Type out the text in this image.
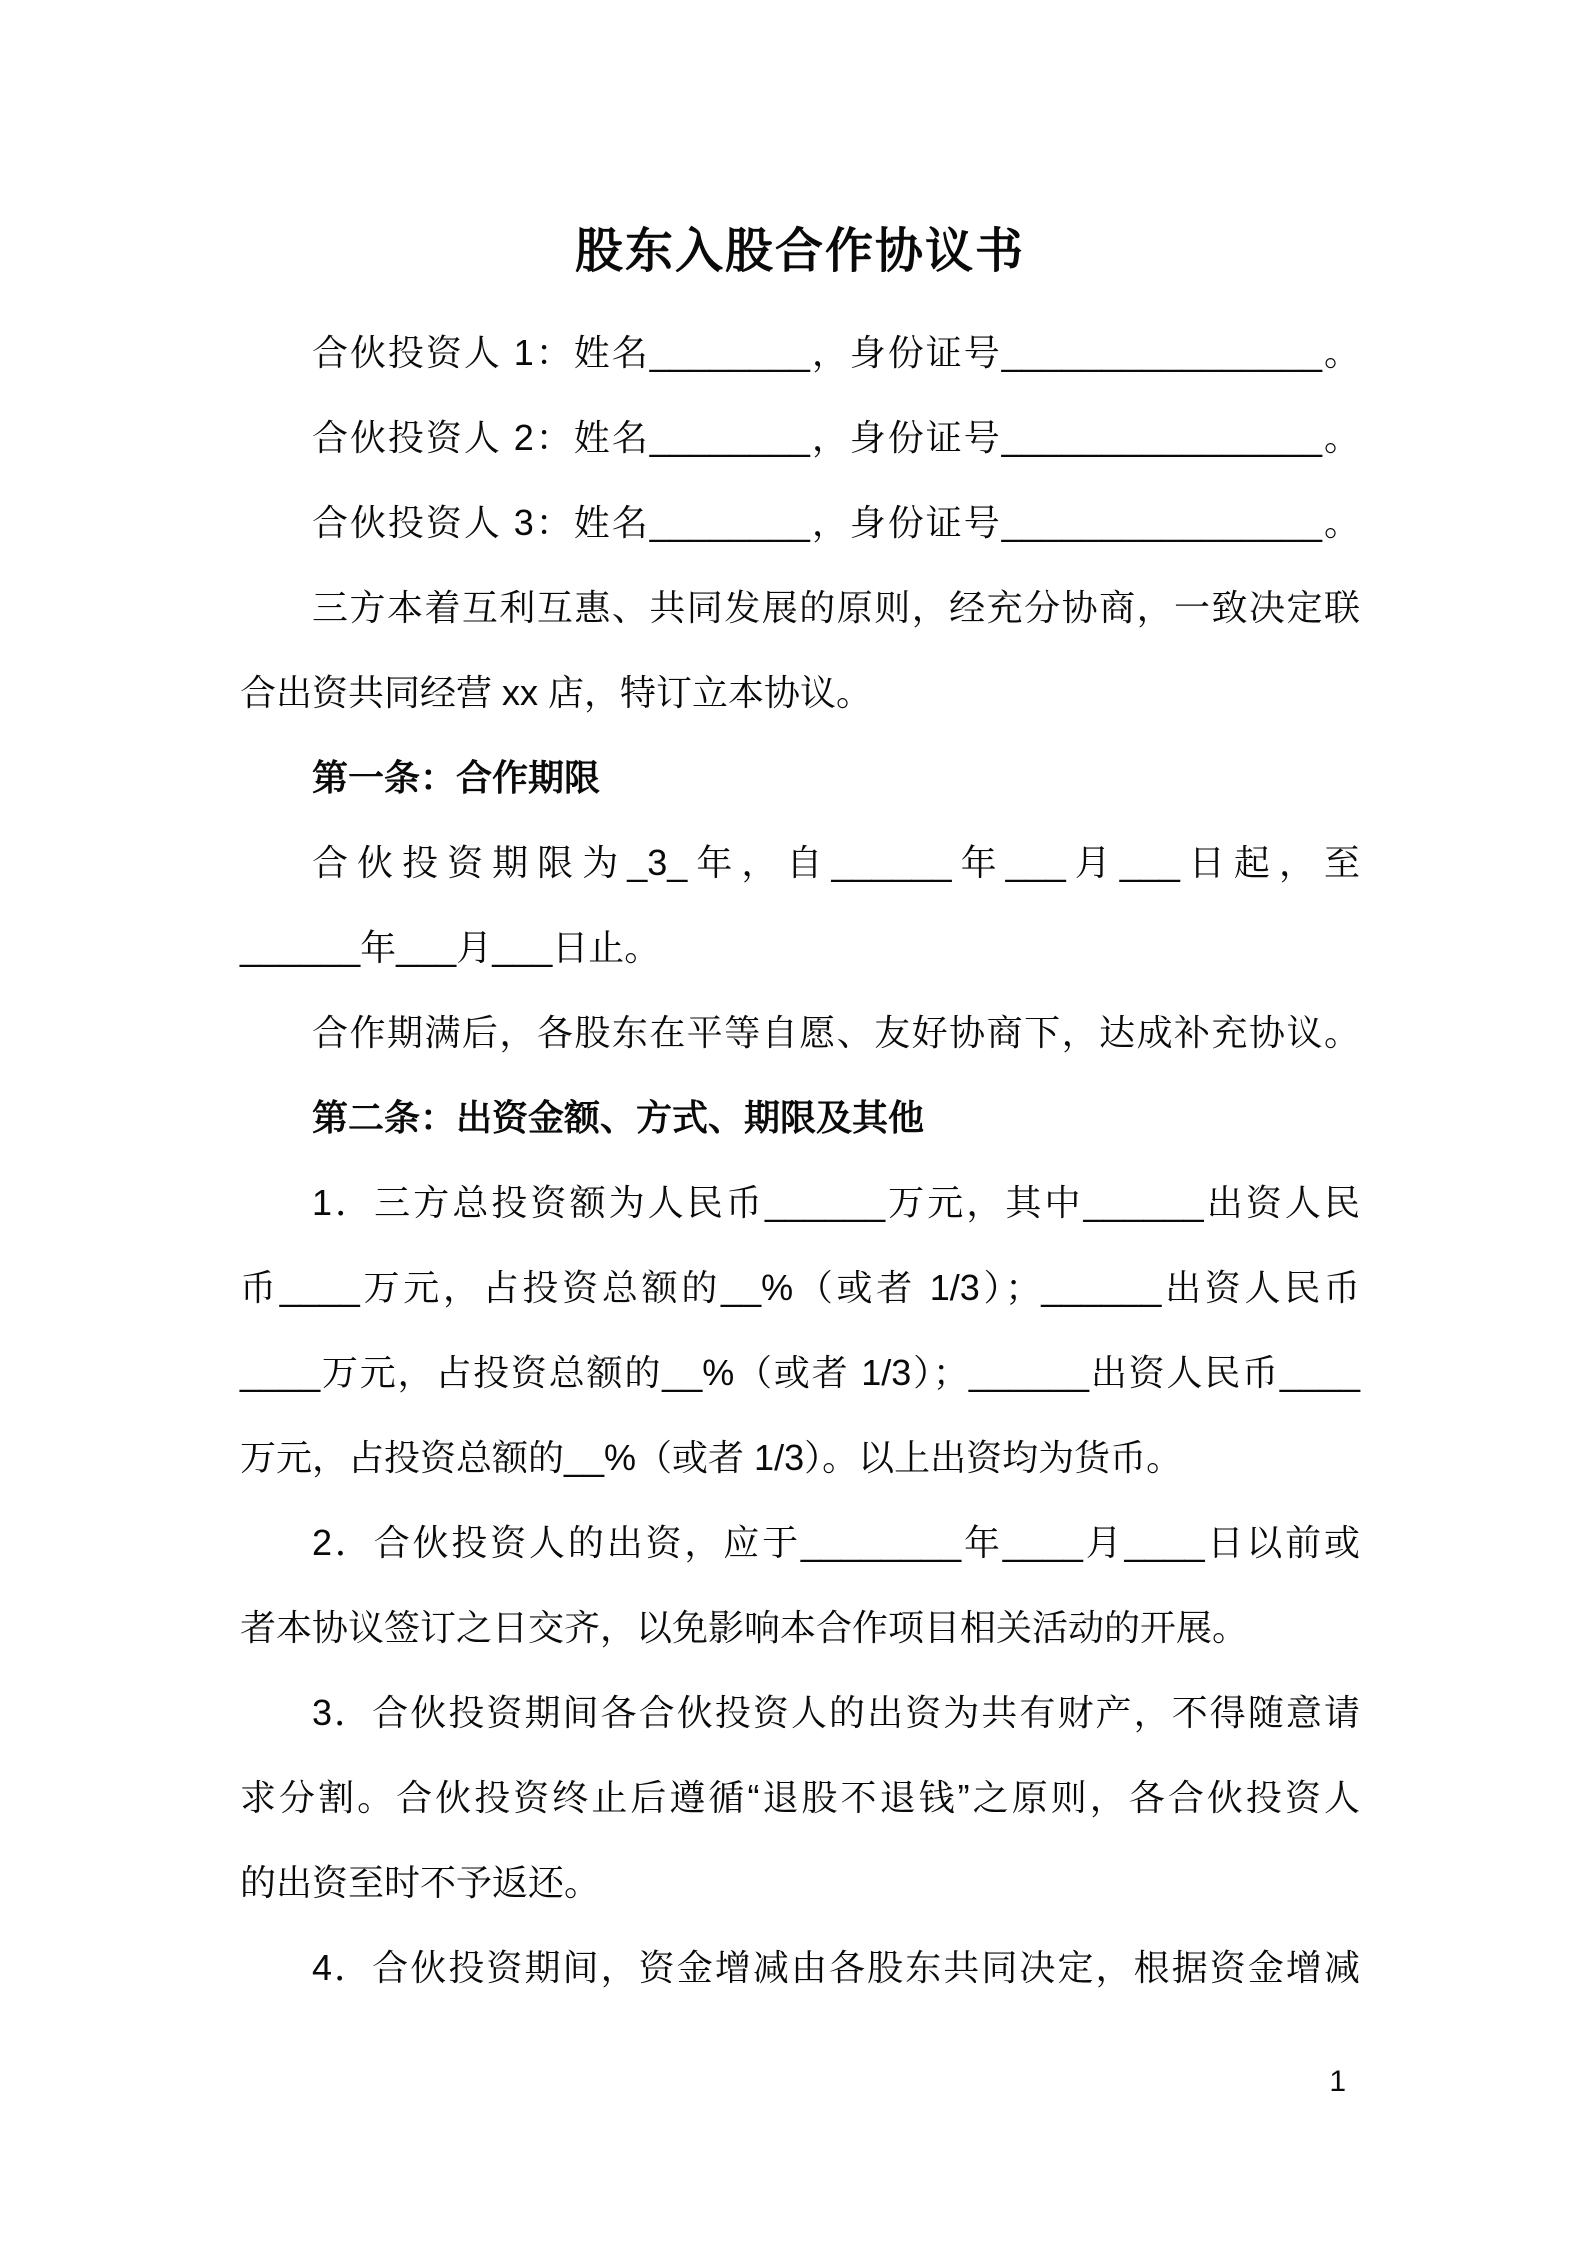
股东入股合作协议书
合伙投资人 1：姓名________，身份证号________________。
合伙投资人 2：姓名________，身份证号________________。
合伙投资人 3：姓名________，身份证号________________。
三方本着互利互惠、共同发展的原则，经充分协商，一致决定联
合出资共同经营 xx 店，特订立本协议。
第一条：合作期限
合伙投资期限为_3_年，自______年___月___日起，至
______年___月___日止。
合作期满后，各股东在平等自愿、友好协商下，达成补充协议。
第二条：出资金额、方式、期限及其他
1．三方总投资额为人民币______万元，其中______出资人民
币____万元，占投资总额的__%（或者 1/3）；______出资人民币
____万元，占投资总额的__%（或者 1/3）；______出资人民币____
万元，占投资总额的__%（或者 1/3）。以上出资均为货币。
2．合伙投资人的出资，应于________年____月____日以前或
者本协议签订之日交齐，以免影响本合作项目相关活动的开展。
3．合伙投资期间各合伙投资人的出资为共有财产，不得随意请
求分割。合伙投资终止后遵循“退股不退钱”之原则，各合伙投资人
的出资至时不予返还。
4．合伙投资期间，资金增减由各股东共同决定，根据资金增减
1
